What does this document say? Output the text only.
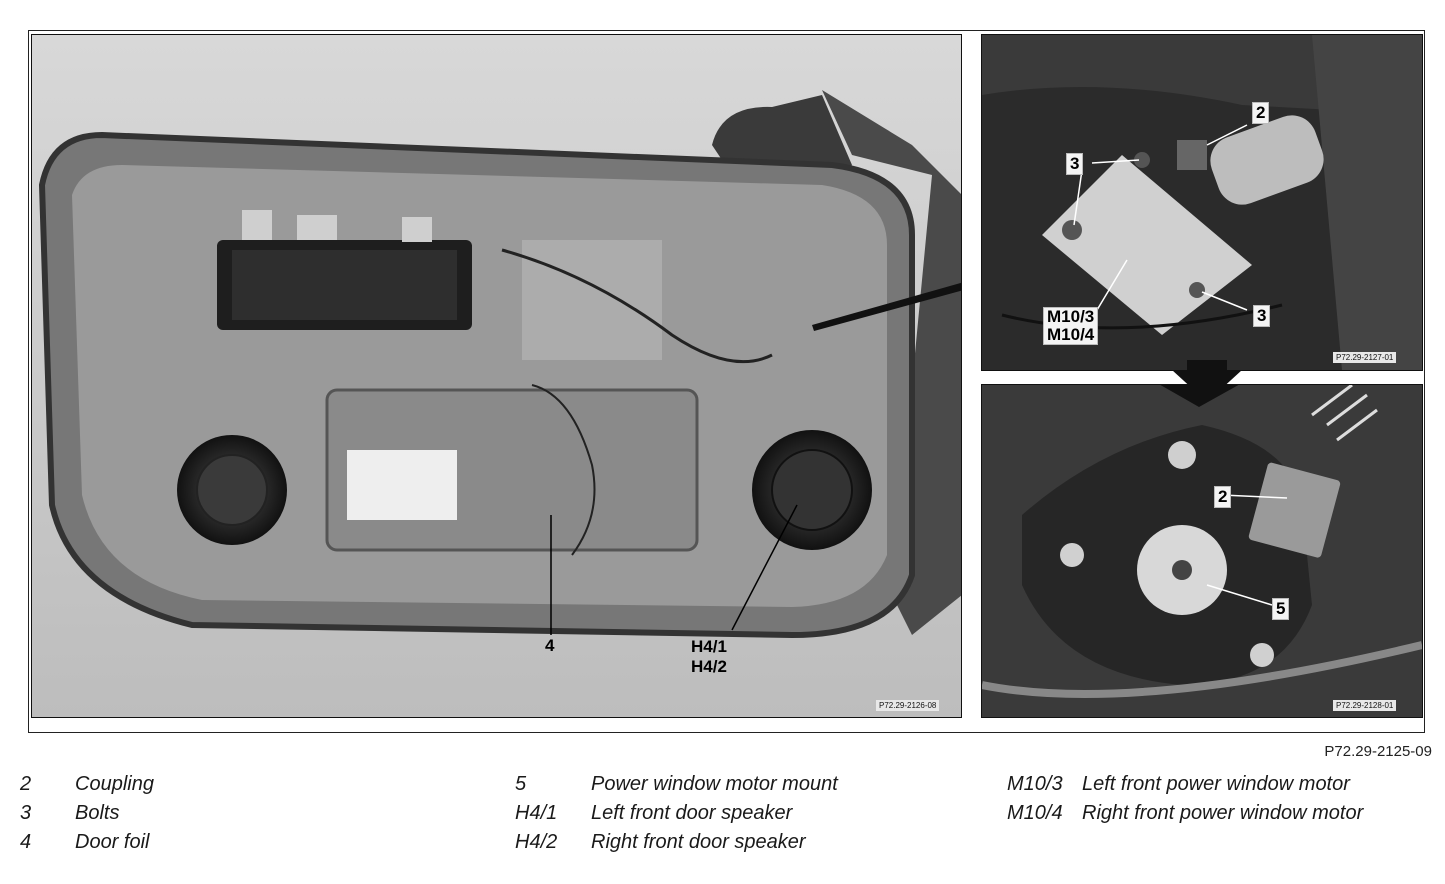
4	H4/1
H4/2
P72.29-2126-08
2
3
3
M10/3
M10/4
P72.29-2127-01
2
5
P72.29-2128-01
P72.29-2125-09
2 Coupling
3 Bolts
4 Door foil
5	Power window motor mount
H4/1 Left front door speaker
H4/2 Right front door speaker
M10/3 Left front power window motor
M10/4 Right front power window motor
